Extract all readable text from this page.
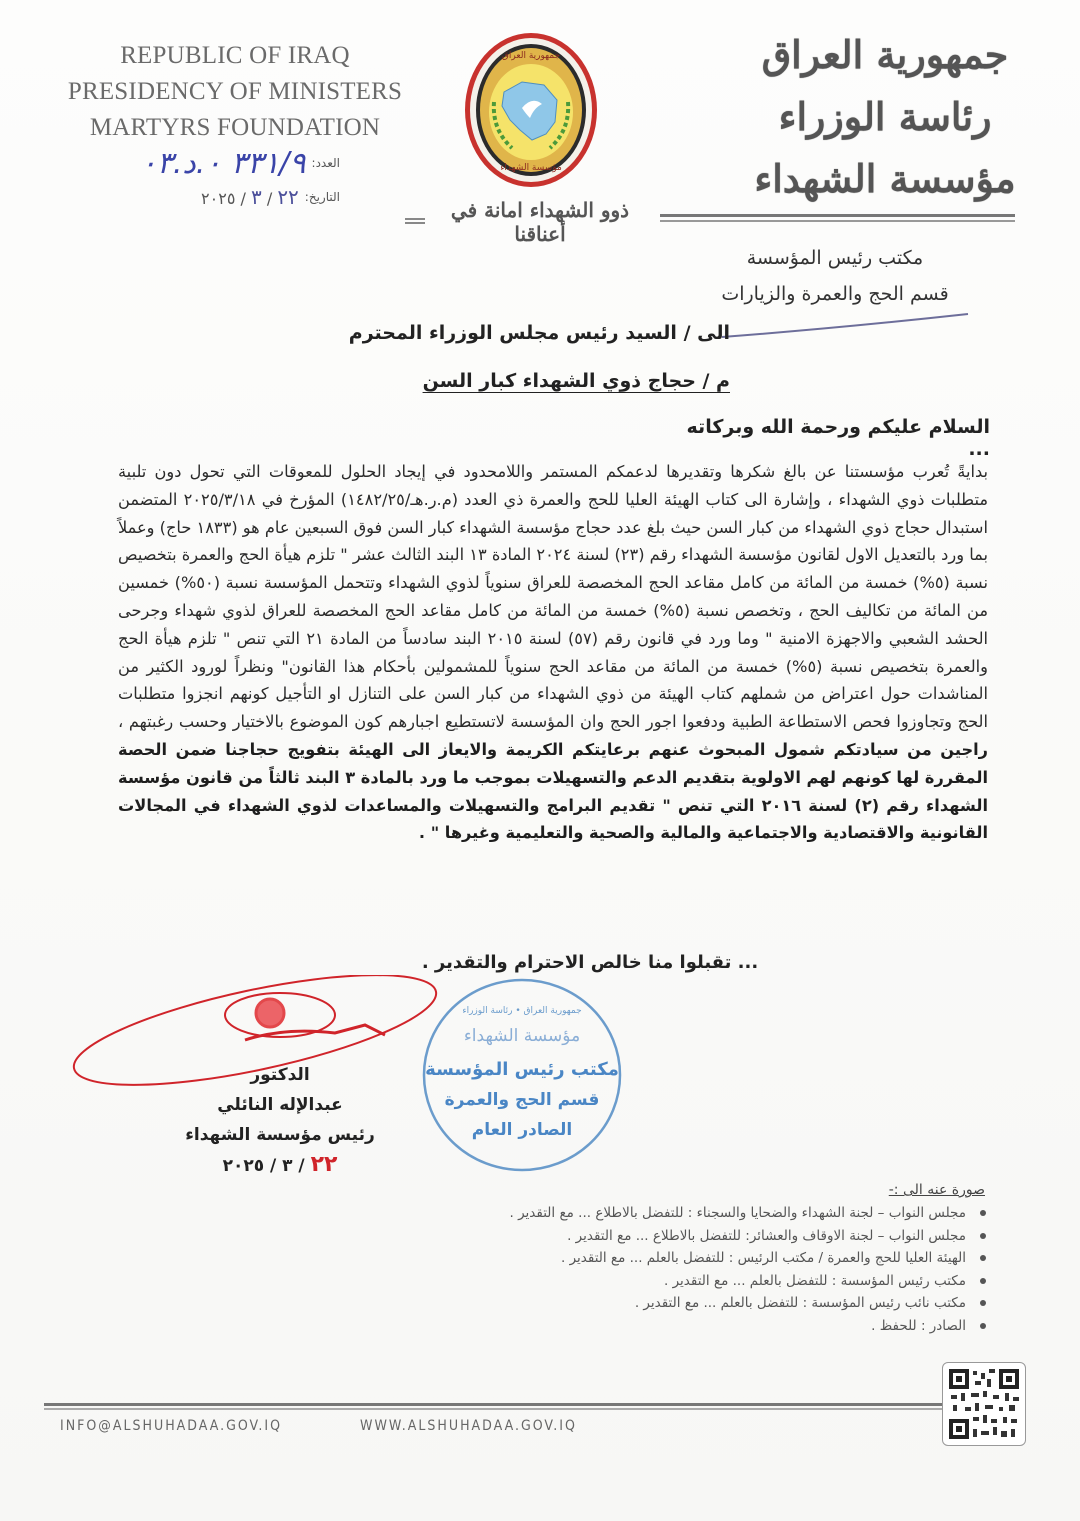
REPUBLIC OF IRAQ
PRESIDENCY OF MINISTERS
MARTYRS FOUNDATION
العدد:
٣٣١/٩ ٠.د.٠٣
التاريخ:
٢٢ / ٣ / ٢٠٢٥
جمهورية العراق
مؤسسة الشهداء
جمهورية العراق
رئاسة الوزراء
مؤسسة الشهداء
ذوو الشهداء امانة في أعناقنا
مكتب رئيس المؤسسة
قسم الحج والعمرة والزيارات
الى / السيد رئيس مجلس الوزراء المحترم
م / حجاج ذوي الشهداء كبار السن
السلام عليكم ورحمة الله وبركاته ...
بدايةً تُعرب مؤسستنا عن بالغ شكرها وتقديرها لدعمكم المستمر واللامحدود في إيجاد الحلول للمعوقات التي تحول دون تلبية متطلبات ذوي الشهداء ، وإشارة الى كتاب الهيئة العليا للحج والعمرة ذي العدد (م.ر.هـ/١٤٨٢/٢٥) المؤرخ في ٢٠٢٥/٣/١٨ المتضمن استبدال حجاج ذوي الشهداء من كبار السن حيث بلغ عدد حجاج مؤسسة الشهداء كبار السن فوق السبعين عام هو (١٨٣٣ حاج) وعملاً بما ورد بالتعديل الاول لقانون مؤسسة الشهداء رقم (٢٣) لسنة ٢٠٢٤ المادة ١٣ البند الثالث عشر " تلزم هيأة الحج والعمرة بتخصيص نسبة (٥%) خمسة من المائة من كامل مقاعد الحج المخصصة للعراق سنوياً لذوي الشهداء وتتحمل المؤسسة نسبة (٥٠%) خمسين من المائة من تكاليف الحج ، وتخصص نسبة (٥%) خمسة من المائة من كامل مقاعد الحج المخصصة للعراق لذوي شهداء وجرحى الحشد الشعبي والاجهزة الامنية " وما ورد في قانون رقم (٥٧) لسنة ٢٠١٥ البند سادساً من المادة ٢١ التي تنص " تلزم هيأة الحج والعمرة بتخصيص نسبة (٥%) خمسة من المائة من مقاعد الحج سنوياً للمشمولين بأحكام هذا القانون" ونظراً لورود الكثير من المناشدات حول اعتراض من شملهم كتاب الهيئة من ذوي الشهداء من كبار السن على التنازل او التأجيل كونهم انجزوا متطلبات الحج وتجاوزوا فحص الاستطاعة الطبية ودفعوا اجور الحج وان المؤسسة لاتستطيع اجبارهم كون الموضوع بالاختيار وحسب رغبتهم ، راجين من سيادتكم شمول المبحوث عنهم برعايتكم الكريمة والايعاز الى الهيئة بتفويج حجاجنا ضمن الحصة المقررة لها كونهم لهم الاولوية بتقديم الدعم والتسهيلات بموجب ما ورد بالمادة ٣ البند ثالثاً من قانون مؤسسة الشهداء رقم (٢) لسنة ٢٠١٦ التي تنص " تقديم البرامج والتسهيلات والمساعدات لذوي الشهداء في المجالات القانونية والاقتصادية والاجتماعية والمالية والصحية والتعليمية وغيرها " .
... تقبلوا منا خالص الاحترام والتقدير .
الدكتور
عبدالإله النائلي
رئيس مؤسسة الشهداء
٢٢ / ٣ / ٢٠٢٥
جمهورية العراق • رئاسة الوزراء
مؤسسة الشهداء
مكتب رئيس المؤسسة
قسم الحج والعمرة
الصادر العام
صورة عنه الى :-
مجلس النواب – لجنة الشهداء والضحايا والسجناء : للتفضل بالاطلاع ... مع التقدير .
مجلس النواب – لجنة الاوقاف والعشائر: للتفضل بالاطلاع ... مع التقدير .
الهيئة العليا للحج والعمرة / مكتب الرئيس : للتفضل بالعلم ... مع التقدير .
مكتب رئيس المؤسسة : للتفضل بالعلم ... مع التقدير .
مكتب نائب رئيس المؤسسة : للتفضل بالعلم ... مع التقدير .
الصادر : للحفظ .
INFO@ALSHUHADAA.GOV.IQ	WWW.ALSHUHADAA.GOV.IQ
